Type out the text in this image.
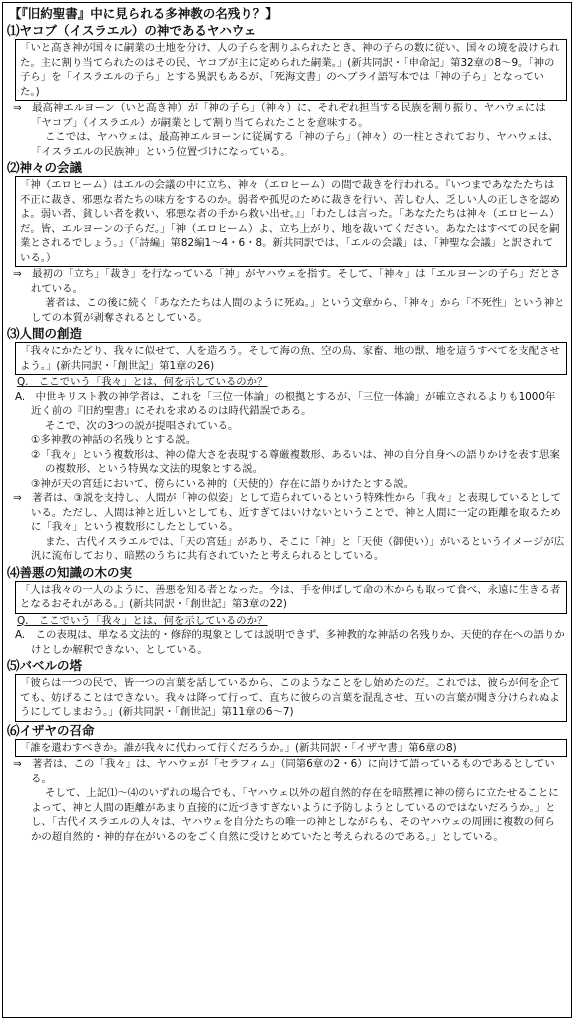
【『旧約聖書』中に見られる多神教の名残り？】
⑴ヤコブ（イスラエル）の神であるヤハウェ
「いと高き神が国々に嗣業の土地を分け、人の子らを割りふられたとき、神の子らの数に従い、国々の境を設けられた。主に割り当てられたのはその民、ヤコブが主に定められた嗣業。」(新共同訳・「申命記」第32章の8〜9。「神の子ら」を「イスラエルの子ら」とする異訳もあるが、「死海文書」のヘブライ語写本では「神の子ら」となっていた。)
⇒　最高神エルヨーン（いと高き神）が「神の子ら」（神々）に、それぞれ担当する民族を割り振り、ヤハウェには「ヤコブ」（イスラエル）が嗣業として割り当てられたことを意味する。
ここでは、ヤハウェは、最高神エルヨーンに従属する「神の子ら」（神々）の一柱とされており、ヤハウェは、「イスラエルの民族神」という位置づけになっている。
⑵神々の会議
「神（エロヒーム）はエルの会議の中に立ち、神々（エロヒーム）の間で裁きを行われる。『いつまであなたたちは不正に裁き、邪悪な者たちの味方をするのか。弱者や孤児のために裁きを行い、苦しむ人、乏しい人の正しさを認めよ。弱い者、貧しい者を救い、邪悪な者の手から救い出せ。』」「わたしは言った。「あなたたちは神々（エロヒーム）だ。皆、エルヨーンの子らだ。」「神（エロヒーム）よ、立ち上がり、地を裁いてください。あなたはすべての民を嗣業とされるでしょう。」（「詩編」第82編1〜4・6・8。新共同訳では、「エルの会議」は、「神聖な会議」と訳されている。）
⇒　最初の「立ち」「裁き」を行なっている「神」がヤハウェを指す。そして、「神々」は「エルヨーンの子ら」だとされている。
著者は、この後に続く「あなたたちは人間のように死ぬ。」という文章から、「神々」から「不死性」という神としての本質が剥奪されるとしている。
⑶人間の創造
「我々にかたどり、我々に似せて、人を造ろう。そして海の魚、空の鳥、家畜、地の獣、地を這うすべてを支配させよう。」(新共同訳・「創世記」第1章の26)
Q.　ここでいう「我々」とは、何を示しているのか？
A.　中世キリスト教の神学者は、これを「三位一体論」の根拠とするが、「三位一体論」が確立されるよりも1000年近く前の『旧約聖書』にそれを求めるのは時代錯誤である。
そこで、次の3つの説が提唱されている。
①多神教の神話の名残りとする説。
②「我々」という複数形は、神の偉大さを表現する尊厳複数形、あるいは、神の自分自身への語りかけを表す思案の複数形、という特異な文法的現象とする説。
③神が天の宮廷において、傍らにいる神的（天使的）存在に語りかけたとする説。
⇒　著者は、③説を支持し、人間が「神の似姿」として造られているという特殊性から「我々」と表現しているとしている。ただし、人間は神と近しいとしても、近すぎてはいけないということで、神と人間に一定の距離を取るために「我々」という複数形にしたとしている。
また、古代イスラエルでは、「天の宮廷」があり、そこに「神」と「天使（御使い）」がいるというイメージが広汎に流布しており、暗黙のうちに共有されていたと考えられるとしている。
⑷善悪の知識の木の実
「人は我々の一人のように、善悪を知る者となった。今は、手を伸ばして命の木からも取って食べ、永遠に生きる者となるおそれがある。」(新共同訳・「創世記」第3章の22)
Q.　ここでいう「我々」とは、何を示しているのか？
A.　この表現は、単なる文法的・修辞的現象としては説明できず、多神教的な神話の名残りか、天使的存在への語りかけとしか解釈できない、としている。
⑸バベルの塔
「彼らは一つの民で、皆一つの言葉を話しているから、このようなことをし始めたのだ。これでは、彼らが何を企てても、妨げることはできない。我々は降って行って、直ちに彼らの言葉を混乱させ、互いの言葉が聞き分けられぬようにしてしまおう。」(新共同訳・「創世記」第11章の6〜7)
⑹イザヤの召命
「誰を遣わすべきか。誰が我々に代わって行くだろうか。」(新共同訳・「イザヤ書」第6章の8)
⇒　著者は、この「我々」は、ヤハウェが「セラフィム」（同第6章の2・6）に向けて語っているものであるとしている。
そして、上記⑴〜⑷のいずれの場合でも、「ヤハウェ以外の超自然的存在を暗黙裡に神の傍らに立たせることによって、神と人間の距離があまり直接的に近づきすぎないように予防しようとしているのではないだろうか。」とし、「古代イスラエルの人々は、ヤハウェを自分たちの唯一の神としながらも、そのヤハウェの周囲に複数の何らかの超自然的・神的存在がいるのをごく自然に受けとめていたと考えられるのである。」としている。
